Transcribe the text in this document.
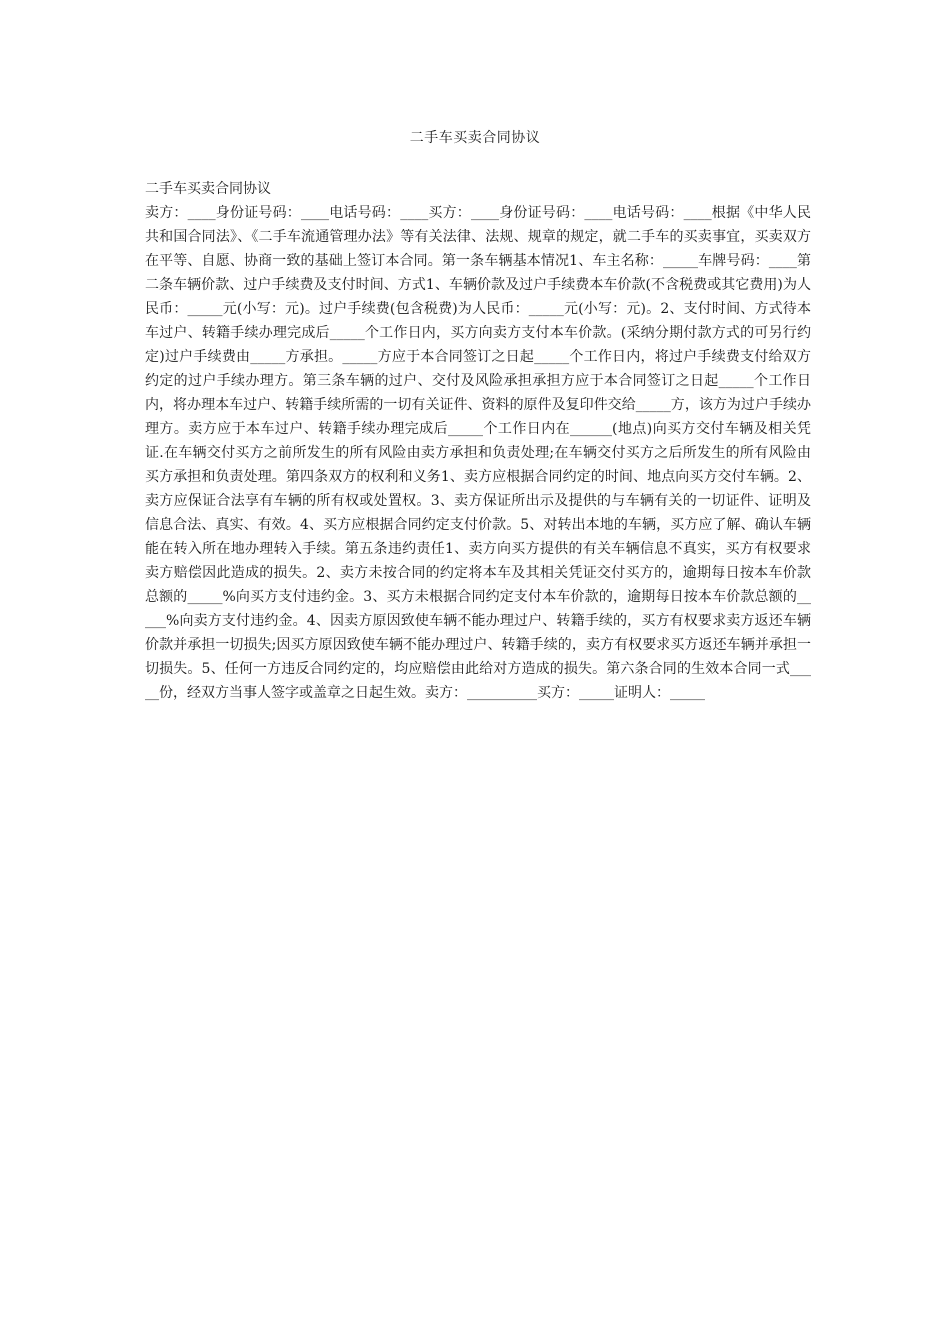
二手车买卖合同协议
二手车买卖合同协议

卖方：____身份证号码：____电话号码：____买方：____身份证号码：____电话号码：____根据《中华人民共和国合同法》、《二手车流通管理办法》等有关法律、法规、规章的规定，就二手车的买卖事宜，买卖双方在平等、自愿、协商一致的基础上签订本合同。第一条车辆基本情况1、车主名称：_____车牌号码：____第二条车辆价款、过户手续费及支付时间、方式1、车辆价款及过户手续费本车价款(不含税费或其它费用)为人民币：_____元(小写：元)。过户手续费(包含税费)为人民币：_____元(小写：元)。2、支付时间、方式待本车过户、转籍手续办理完成后_____个工作日内，买方向卖方支付本车价款。(采纳分期付款方式的可另行约定)过户手续费由_____方承担。_____方应于本合同签订之日起_____个工作日内，将过户手续费支付给双方约定的过户手续办理方。第三条车辆的过户、交付及风险承担承担方应于本合同签订之日起_____个工作日内，将办理本车过户、转籍手续所需的一切有关证件、资料的原件及复印件交给_____方，该方为过户手续办理方。卖方应于本车过户、转籍手续办理完成后_____个工作日内在______(地点)向买方交付车辆及相关凭证.在车辆交付买方之前所发生的所有风险由卖方承担和负责处理;在车辆交付买方之后所发生的所有风险由买方承担和负责处理。第四条双方的权利和义务1、卖方应根据合同约定的时间、地点向买方交付车辆。2、卖方应保证合法享有车辆的所有权或处置权。3、卖方保证所出示及提供的与车辆有关的一切证件、证明及信息合法、真实、有效。4、买方应根据合同约定支付价款。5、对转出本地的车辆，买方应了解、确认车辆能在转入所在地办理转入手续。第五条违约责任1、卖方向买方提供的有关车辆信息不真实，买方有权要求卖方赔偿因此造成的损失。2、卖方未按合同的约定将本车及其相关凭证交付买方的，逾期每日按本车价款总额的_____%向买方支付违约金。3、买方未根据合同约定支付本车价款的，逾期每日按本车价款总额的_____%向卖方支付违约金。4、因卖方原因致使车辆不能办理过户、转籍手续的，买方有权要求卖方返还车辆价款并承担一切损失;因买方原因致使车辆不能办理过户、转籍手续的，卖方有权要求买方返还车辆并承担一切损失。5、任何一方违反合同约定的，均应赔偿由此给对方造成的损失。第六条合同的生效本合同一式_____份，经双方当事人签字或盖章之日起生效。卖方：__________买方：_____证明人：_____
